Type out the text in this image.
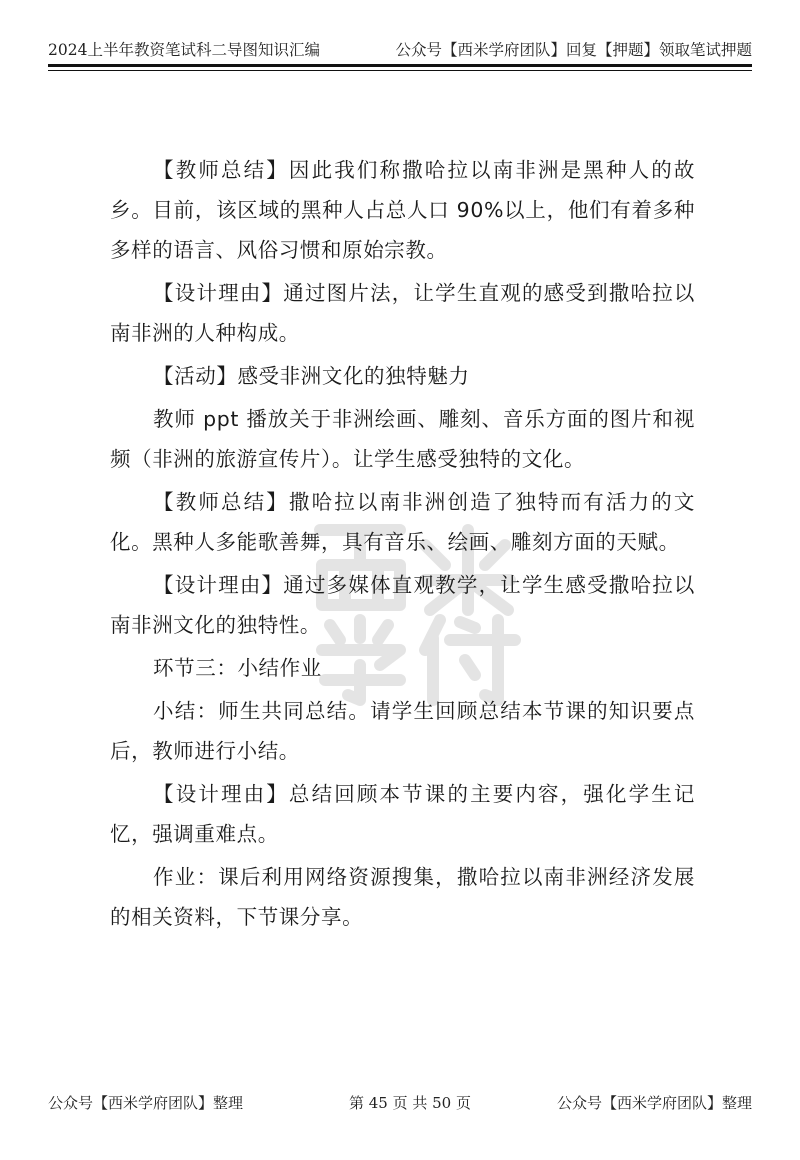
2024上半年教资笔试科二导图知识汇编	公众号【西米学府团队】回复【押题】领取笔试押题

【教师总结】因此我们称撒哈拉以南非洲是黑种人的故乡。目前，该区域的黑种人占总人口 90%以上，他们有着多种多样的语言、风俗习惯和原始宗教。

【设计理由】通过图片法，让学生直观的感受到撒哈拉以南非洲的人种构成。

【活动】感受非洲文化的独特魅力

教师 ppt 播放关于非洲绘画、雕刻、音乐方面的图片和视频（非洲的旅游宣传片）。让学生感受独特的文化。

【教师总结】撒哈拉以南非洲创造了独特而有活力的文化。黑种人多能歌善舞，具有音乐、绘画、雕刻方面的天赋。

【设计理由】通过多媒体直观教学，让学生感受撒哈拉以南非洲文化的独特性。

环节三：小结作业

小结：师生共同总结。请学生回顾总结本节课的知识要点后，教师进行小结。

【设计理由】总结回顾本节课的主要内容，强化学生记忆，强调重难点。

作业：课后利用网络资源搜集，撒哈拉以南非洲经济发展的相关资料，下节课分享。

公众号【西米学府团队】整理	第 45 页 共 50 页	公众号【西米学府团队】整理
